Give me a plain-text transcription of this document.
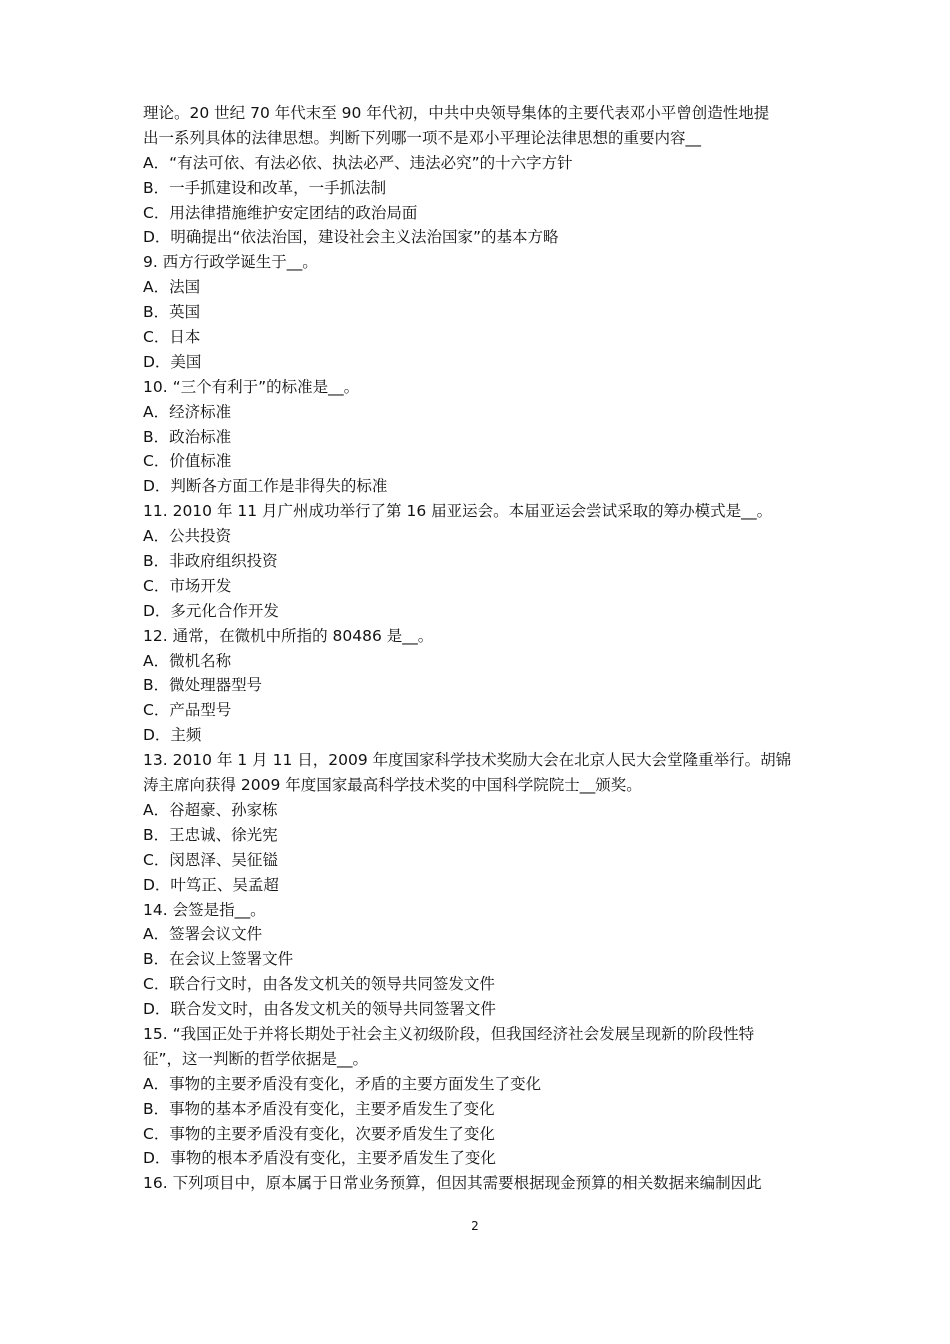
理论。20 世纪 70 年代末至 90 年代初，中共中央领导集体的主要代表邓小平曾创造性地提
出一系列具体的法律思想。判断下列哪一项不是邓小平理论法律思想的重要内容__
A．“有法可依、有法必依、执法必严、违法必究”的十六字方针
B．一手抓建设和改革，一手抓法制
C．用法律措施维护安定团结的政治局面
D．明确提出“依法治国，建设社会主义法治国家”的基本方略
9. 西方行政学诞生于__。
A．法国
B．英国
C．日本
D．美国
10. “三个有利于”的标准是__。
A．经济标准
B．政治标准
C．价值标准
D．判断各方面工作是非得失的标准
11. 2010 年 11 月广州成功举行了第 16 届亚运会。本届亚运会尝试采取的筹办模式是__。
A．公共投资
B．非政府组织投资
C．市场开发
D．多元化合作开发
12. 通常，在微机中所指的 80486 是__。
A．微机名称
B．微处理器型号
C．产品型号
D．主频
13. 2010 年 1 月 11 日，2009 年度国家科学技术奖励大会在北京人民大会堂隆重举行。胡锦
涛主席向获得 2009 年度国家最高科学技术奖的中国科学院院士__颁奖。
A．谷超豪、孙家栋
B．王忠诚、徐光宪
C．闵恩泽、吴征镒
D．叶笃正、吴孟超
14. 会签是指__。
A．签署会议文件
B．在会议上签署文件
C．联合行文时，由各发文机关的领导共同签发文件
D．联合发文时，由各发文机关的领导共同签署文件
15. “我国正处于并将长期处于社会主义初级阶段，但我国经济社会发展呈现新的阶段性特
征”，这一判断的哲学依据是__。
A．事物的主要矛盾没有变化，矛盾的主要方面发生了变化
B．事物的基本矛盾没有变化，主要矛盾发生了变化
C．事物的主要矛盾没有变化，次要矛盾发生了变化
D．事物的根本矛盾没有变化，主要矛盾发生了变化
16. 下列项目中，原本属于日常业务预算，但因其需要根据现金预算的相关数据来编制因此
2
